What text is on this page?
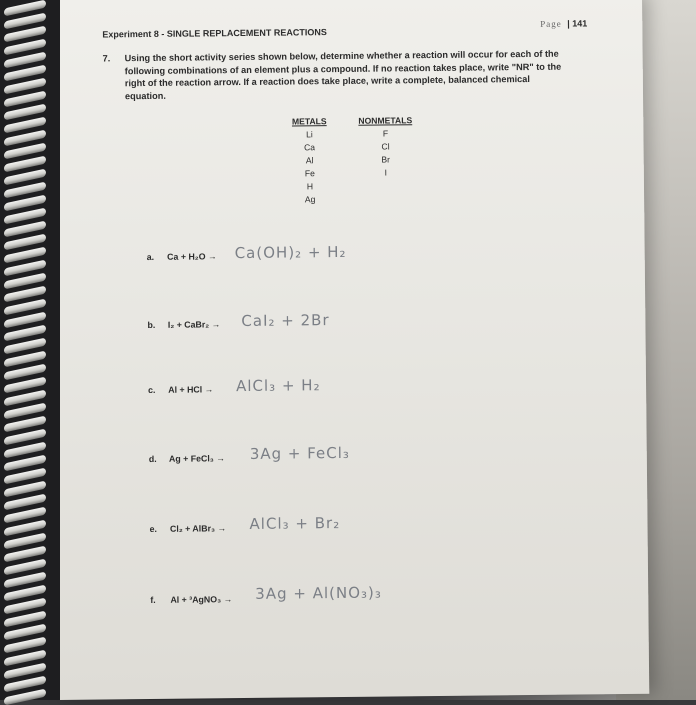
Experiment 8 - SINGLE REPLACEMENT REACTIONS
Page | 141
7. Using the short activity series shown below, determine whether a reaction will occur for each of the following combinations of an element plus a compound. If no reaction takes place, write "NR" to the right of the reaction arrow. If a reaction does take place, write a complete, balanced chemical equation.
METALS
Li
Ca
Al
Fe
H
Ag
NONMETALS
F
Cl
Br
I
a. Ca + H₂O → Ca(OH)₂ + H₂
b. I₂ + CaBr₂ → CaI₂ + 2Br
c. Al + HCl → AlCl₃ + H₂
d. Ag + FeCl₃ → 3Ag + FeCl₃
e. Cl₂ + AlBr₃ → AlCl₃ + Br₂
f. Al + ³AgNO₃ → 3Ag + Al(NO₃)₃
